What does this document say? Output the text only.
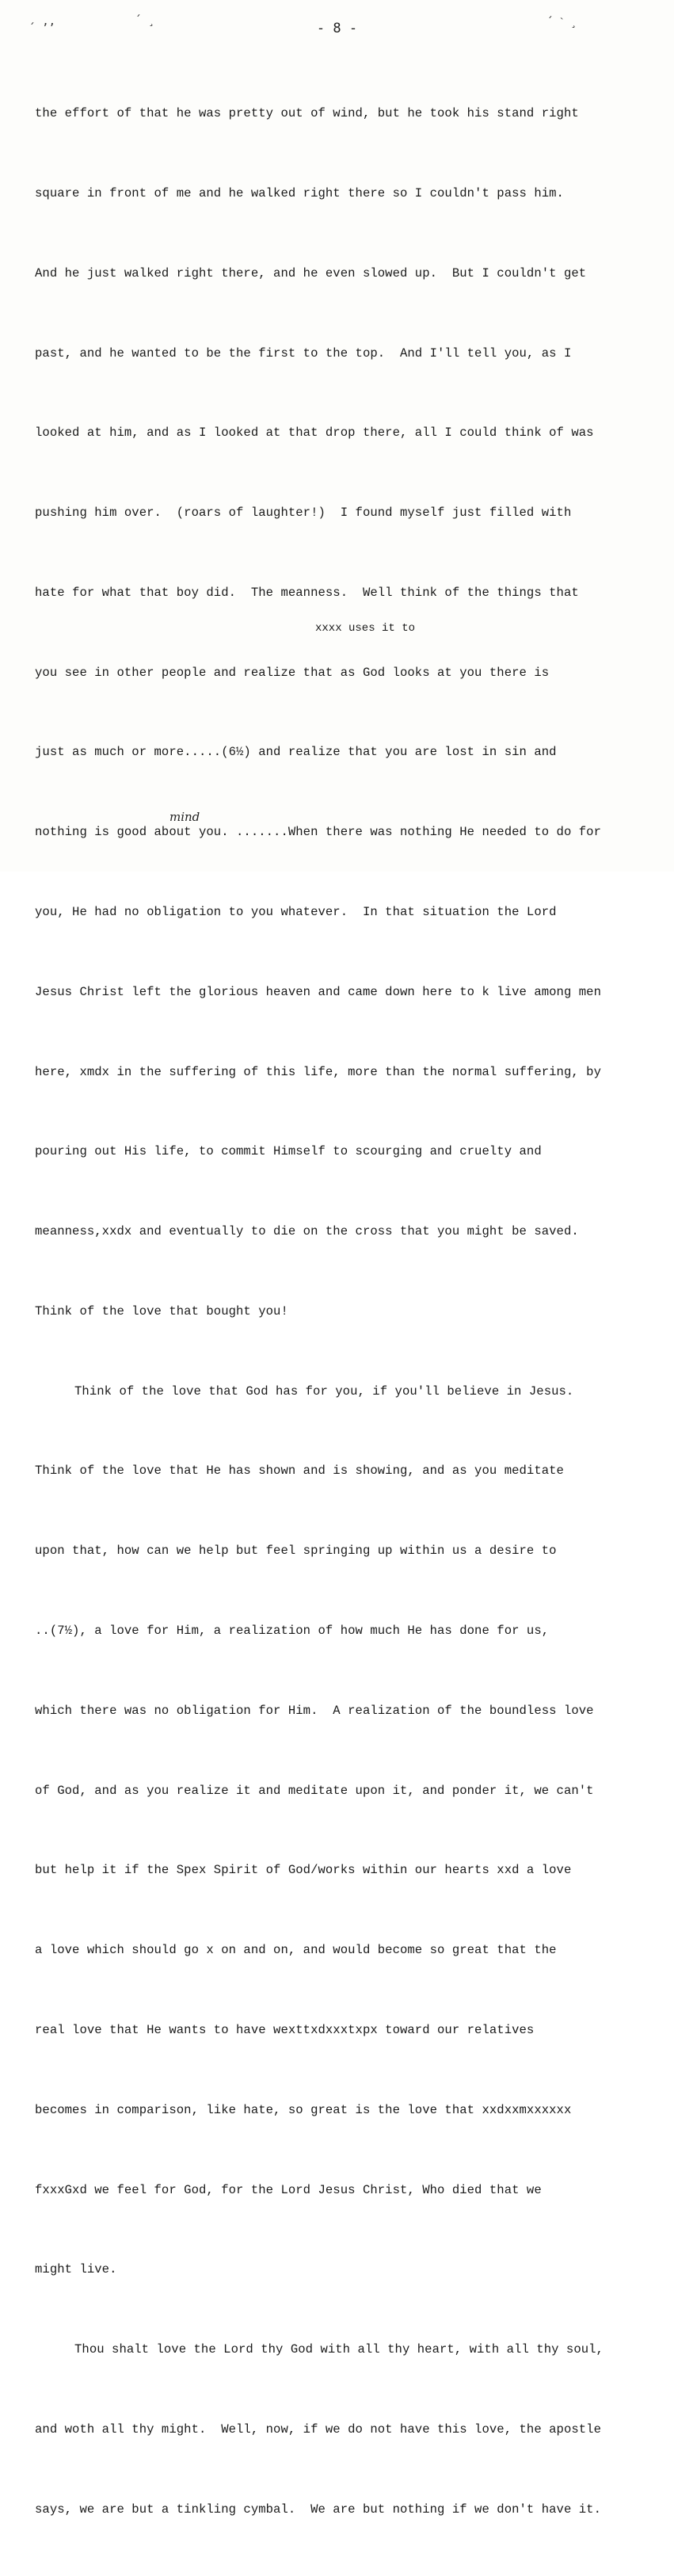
´ ’’
´ ¸	´ ˋ ¸
- 8 -
xxxx uses it to
mind

the effort of that he was pretty out of wind, but he took his stand right

square in front of me and he walked right there so I couldn't pass him.

And he just walked right there, and he even slowed up.  But I couldn't get

past, and he wanted to be the first to the top.  And I'll tell you, as I

looked at him, and as I looked at that drop there, all I could think of was

pushing him over.  (roars of laughter!)  I found myself just filled with

hate for what that boy did.  The meanness.  Well think of the things that

you see in other people and realize that as God looks at you there is

just as much or more.....(6½) and realize that you are lost in sin and

nothing is good about you. .......When there was nothing He needed to do for

you, He had no obligation to you whatever.  In that situation the Lord

Jesus Christ left the glorious heaven and came down here to k live among men

here, xmdx in the suffering of this life, more than the normal suffering, by

pouring out His life, to commit Himself to scourging and cruelty and

meanness,xxdx and eventually to die on the cross that you might be saved.

Think of the love that bought you!

Think of the love that God has for you, if you'll believe in Jesus.

Think of the love that He has shown and is showing, and as you meditate

upon that, how can we help but feel springing up within us a desire to

..(7½), a love for Him, a realization of how much He has done for us,

which there was no obligation for Him.  A realization of the boundless love

of God, and as you realize it and meditate upon it, and ponder it, we can't

but help it if the Spex Spirit of God/works within our hearts xxd a love

a love which should go x on and on, and would become so great that the

real love that He wants to have wexttxdxxxtxpx toward our relatives

becomes in comparison, like hate, so great is the love that xxdxxmxxxxxx

fxxxGxd we feel for God, for the Lord Jesus Christ, Who died that we

might live.

Thou shalt love the Lord thy God with all thy heart, with all thy soul,

and woth all thy might.  Well, now, if we do not have this love, the apostle

says, we are but a tinkling cymbal.  We are but nothing if we don't have it.
